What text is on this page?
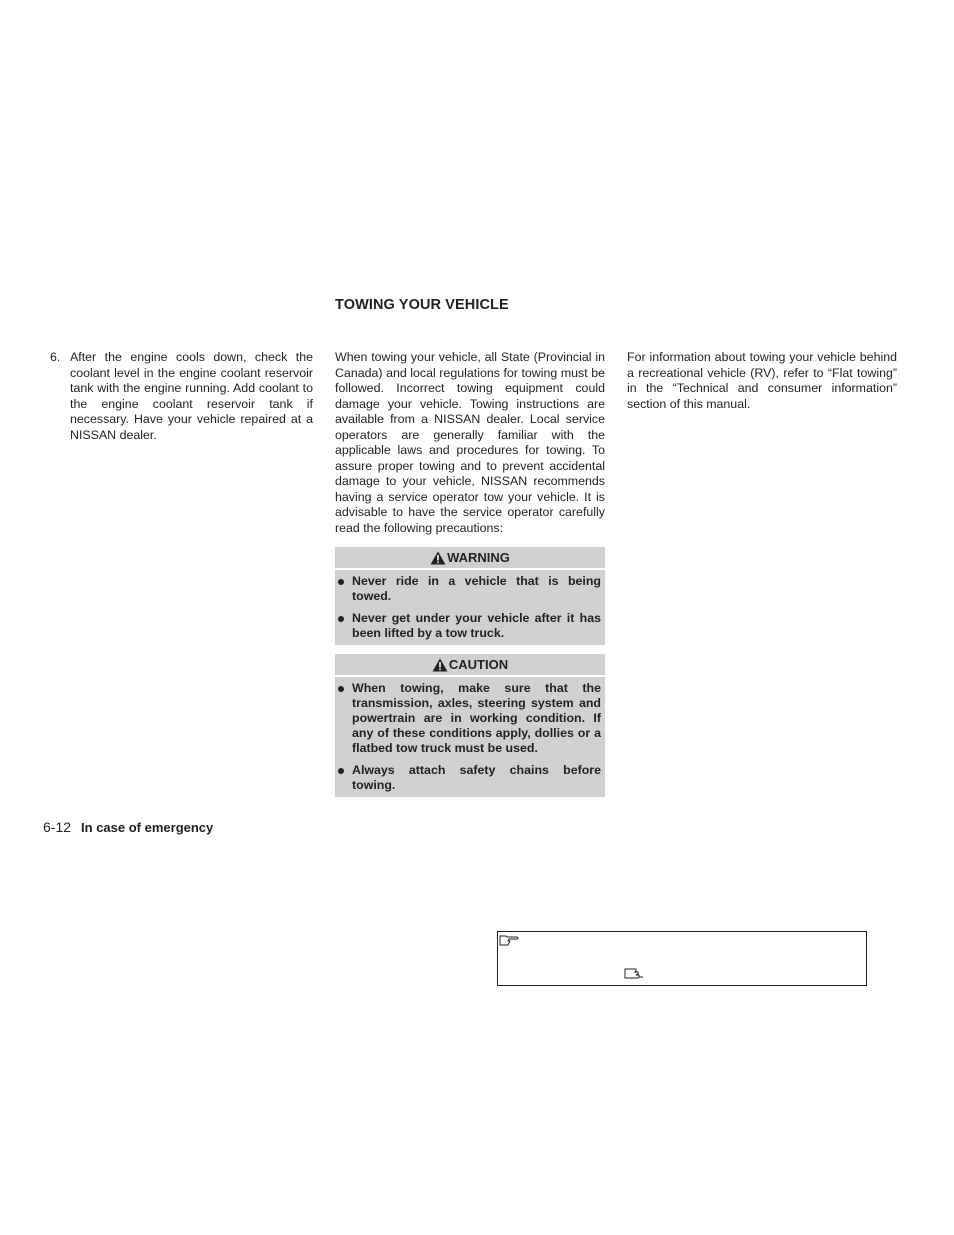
6. After the engine cools down, check the coolant level in the engine coolant reservoir tank with the engine running. Add coolant to the engine coolant reservoir tank if necessary. Have your vehicle repaired at a NISSAN dealer.

TOWING YOUR VEHICLE

When towing your vehicle, all State (Provincial in Canada) and local regulations for towing must be followed. Incorrect towing equipment could damage your vehicle. Towing instructions are available from a NISSAN dealer. Local service operators are generally familiar with the applicable laws and procedures for towing. To assure proper towing and to prevent accidental damage to your vehicle, NISSAN recommends having a service operator tow your vehicle. It is advisable to have the service operator carefully read the following precautions:

WARNING
Never ride in a vehicle that is being towed.
Never get under your vehicle after it has been lifted by a tow truck.
CAUTION
When towing, make sure that the transmission, axles, steering system and powertrain are in working condition. If any of these conditions apply, dollies or a flatbed tow truck must be used.
Always attach safety chains before towing.

For information about towing your vehicle behind a recreational vehicle (RV), refer to “Flat towing” in the “Technical and consumer information” section of this manual.

6-12 In case of emergency
